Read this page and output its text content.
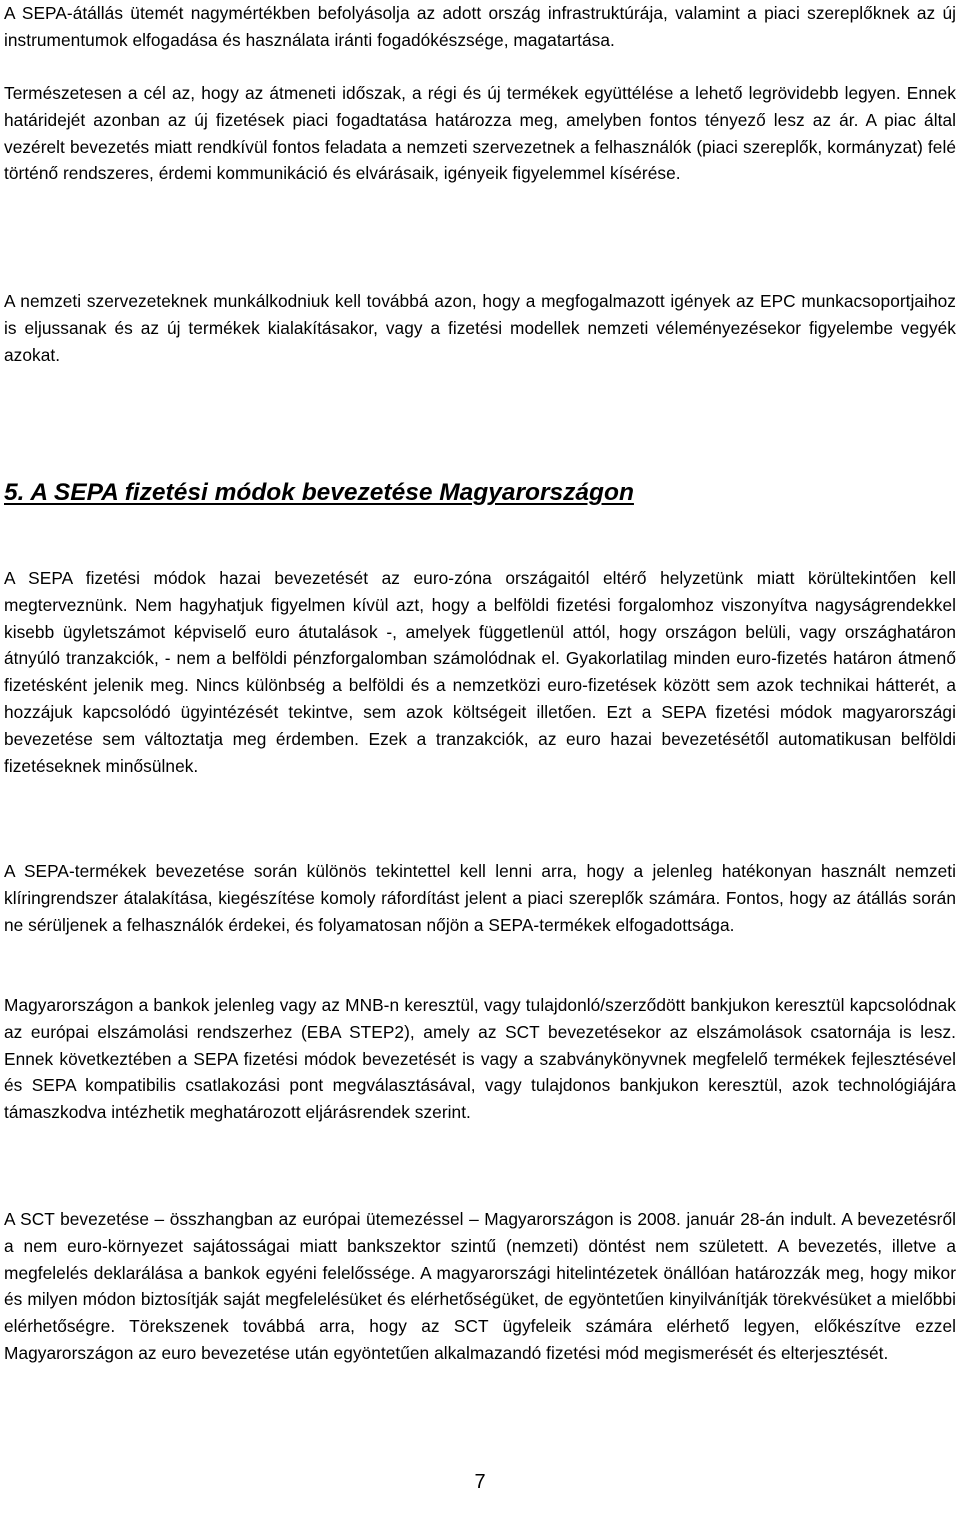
A SEPA-átállás ütemét nagymértékben befolyásolja az adott ország infrastruktúrája, valamint a piaci szereplőknek az új instrumentumok elfogadása és használata iránti fogadókészsége, magatartása.

Természetesen a cél az, hogy az átmeneti időszak, a régi és új termékek együttélése a lehető legrövidebb legyen. Ennek határidejét azonban az új fizetések piaci fogadtatása határozza meg, amelyben fontos tényező lesz az ár. A piac által vezérelt bevezetés miatt rendkívül fontos feladata a nemzeti szervezetnek a felhasználók (piaci szereplők, kormányzat) felé történő rendszeres, érdemi kommunikáció és elvárásaik, igényeik figyelemmel kísérése.

A nemzeti szervezeteknek munkálkodniuk kell továbbá azon, hogy a megfogalmazott igények az EPC munkacsoportjaihoz is eljussanak és az új termékek kialakításakor, vagy a fizetési modellek nemzeti véleményezésekor figyelembe vegyék azokat.

5. A SEPA fizetési módok bevezetése Magyarországon

A SEPA fizetési módok hazai bevezetését az euro-zóna országaitól eltérő helyzetünk miatt körültekintően kell megterveznünk. Nem hagyhatjuk figyelmen kívül azt, hogy a belföldi fizetési forgalomhoz viszonyítva nagyságrendekkel kisebb ügyletszámot képviselő euro átutalások -, amelyek függetlenül attól, hogy országon belüli, vagy országhatáron átnyúló tranzakciók, - nem a belföldi pénzforgalomban számolódnak el. Gyakorlatilag minden euro-fizetés határon átmenő fizetésként jelenik meg. Nincs különbség a belföldi és a nemzetközi euro-fizetések között sem azok technikai hátterét, a hozzájuk kapcsolódó ügyintézését tekintve, sem azok költségeit illetően. Ezt a SEPA fizetési módok magyarországi bevezetése sem változtatja meg érdemben. Ezek a tranzakciók, az euro hazai bevezetésétől automatikusan belföldi fizetéseknek minősülnek.

A SEPA-termékek bevezetése során különös tekintettel kell lenni arra, hogy a jelenleg hatékonyan használt nemzeti klíringrendszer átalakítása, kiegészítése komoly ráfordítást jelent a piaci szereplők számára. Fontos, hogy az átállás során ne sérüljenek a felhasználók érdekei, és folyamatosan nőjön a SEPA-termékek elfogadottsága.

Magyarországon a bankok jelenleg vagy az MNB-n keresztül, vagy tulajdonló/szerződött bankjukon keresztül kapcsolódnak az európai elszámolási rendszerhez (EBA STEP2), amely az SCT bevezetésekor az elszámolások csatornája is lesz. Ennek következtében a SEPA fizetési módok bevezetését is vagy a szabványkönyvnek megfelelő termékek fejlesztésével és SEPA kompatibilis csatlakozási pont megválasztásával, vagy tulajdonos bankjukon keresztül, azok technológiájára támaszkodva intézhetik meghatározott eljárásrendek szerint.

A SCT bevezetése – összhangban az európai ütemezéssel – Magyarországon is 2008. január 28-án indult. A bevezetésről a nem euro-környezet sajátosságai miatt bankszektor szintű (nemzeti) döntést nem született. A bevezetés, illetve a megfelelés deklarálása a bankok egyéni felelőssége. A magyarországi hitelintézetek önállóan határozzák meg, hogy mikor és milyen módon biztosítják saját megfelelésüket és elérhetőségüket, de egyöntetűen kinyilvánítják törekvésüket a mielőbbi elérhetőségre. Törekszenek továbbá arra, hogy az SCT ügyfeleik számára elérhető legyen, előkészítve ezzel Magyarországon az euro bevezetése után egyöntetűen alkalmazandó fizetési mód megismerését és elterjesztését.

7
